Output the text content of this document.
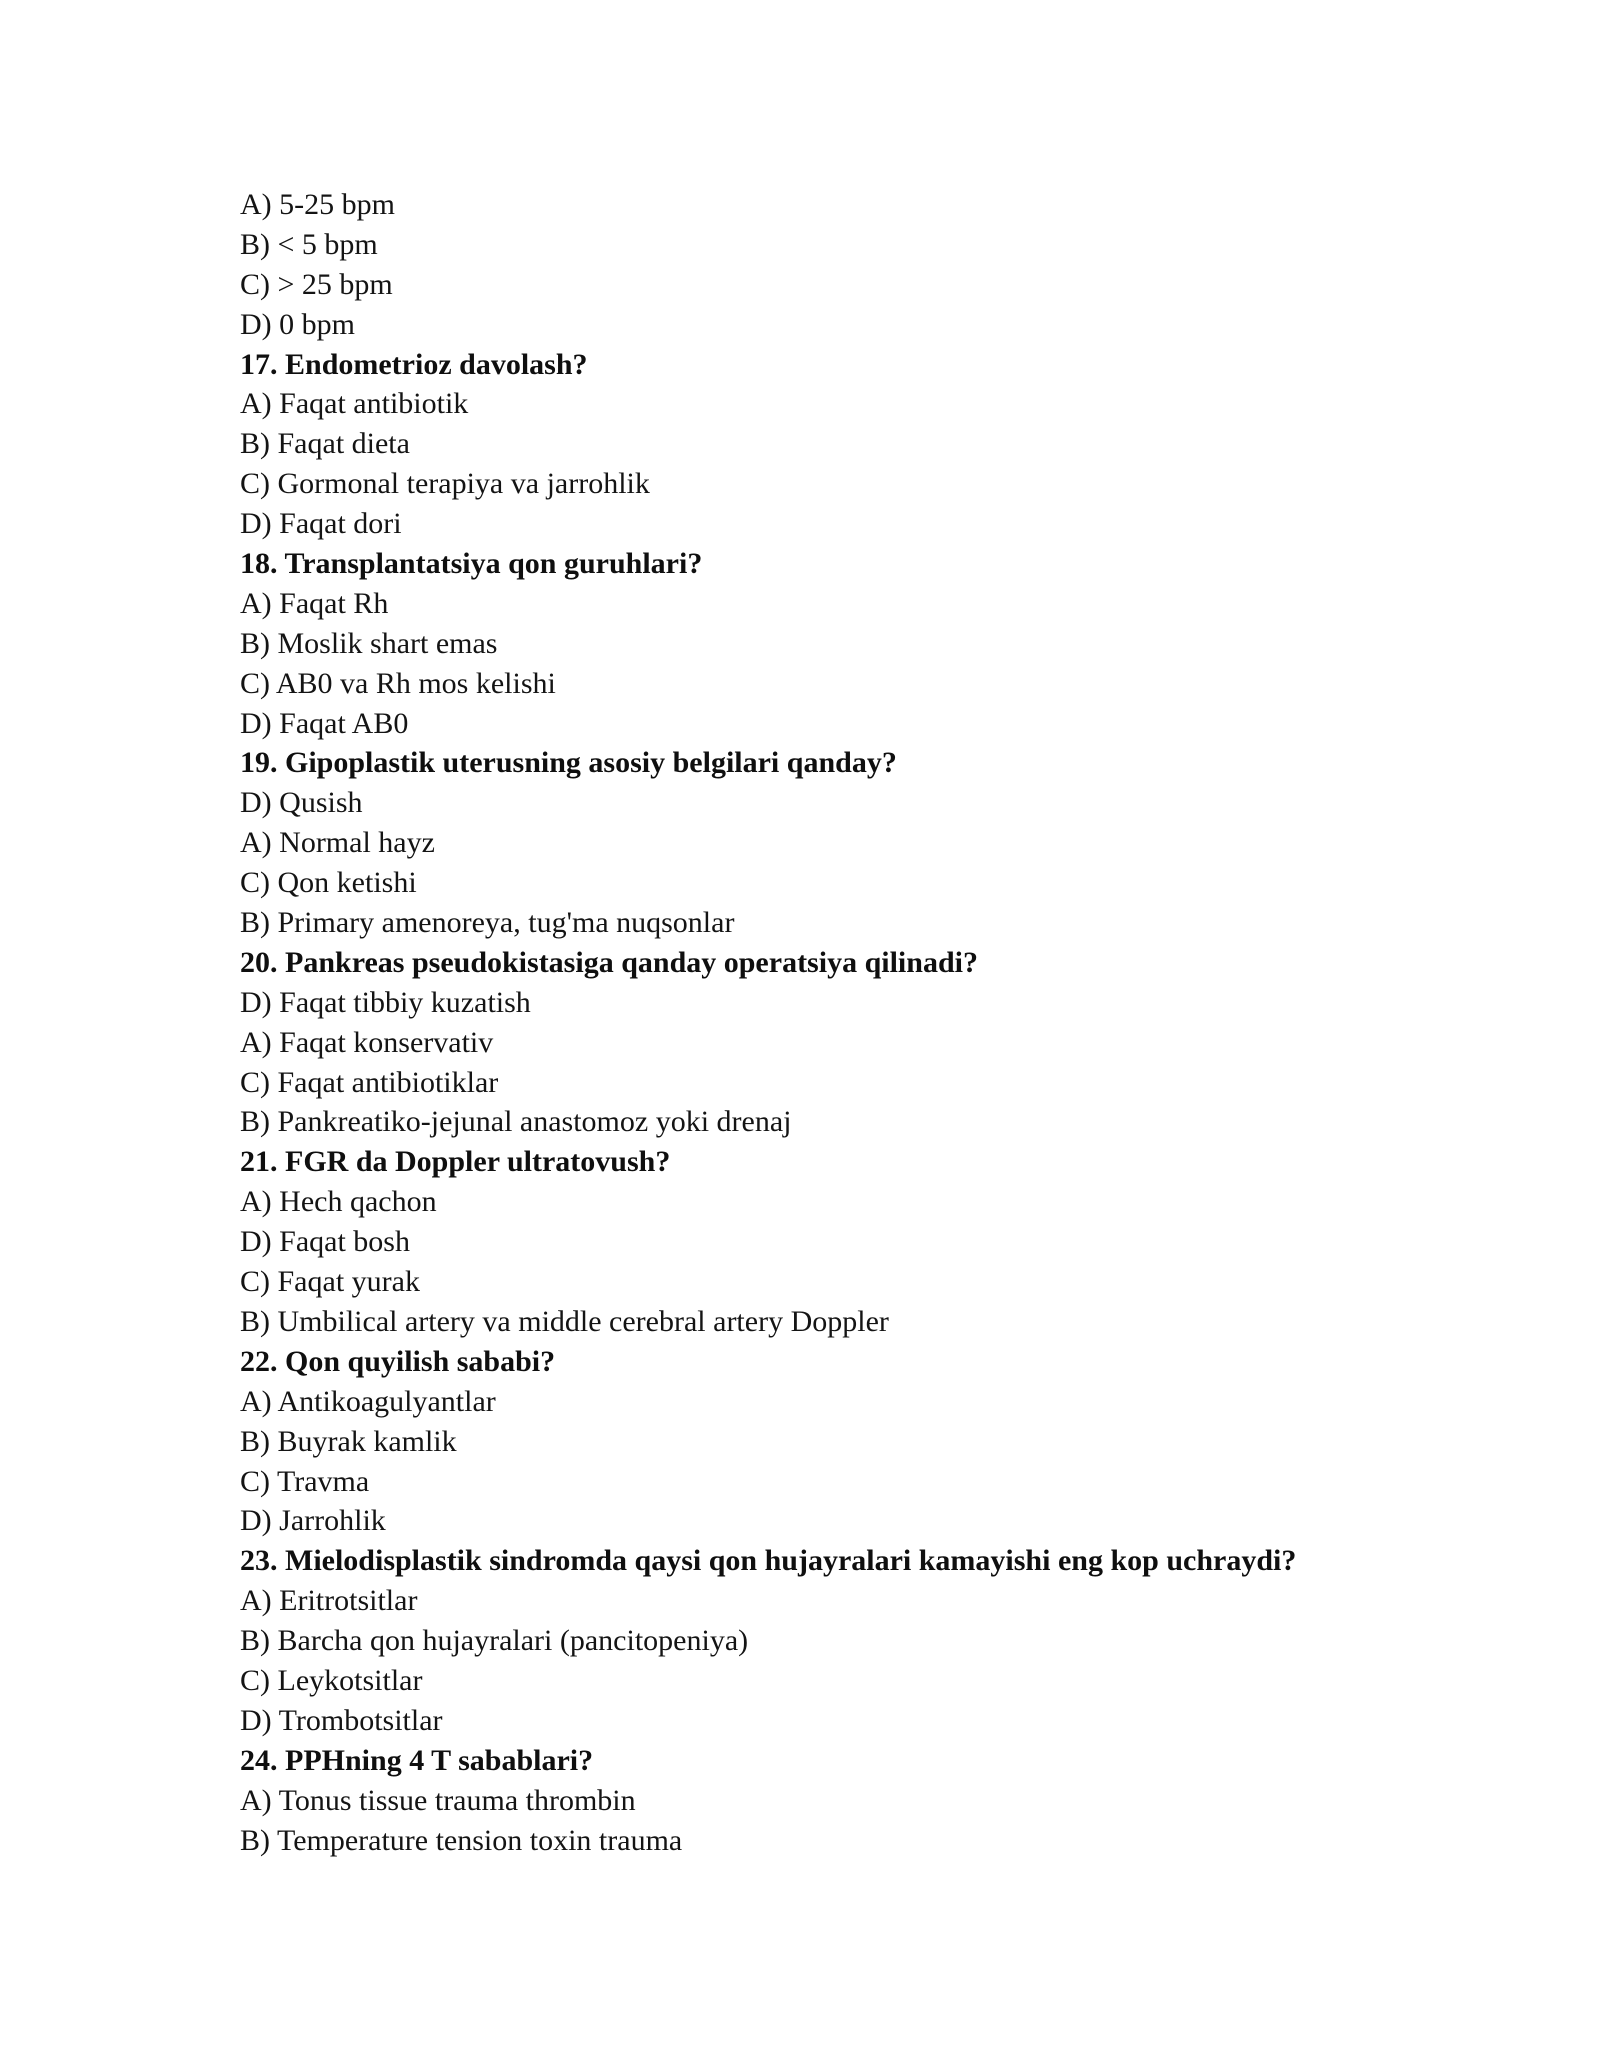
A) 5-25 bpm
B) < 5 bpm
C) > 25 bpm
D) 0 bpm
17. Endometrioz davolash?
A) Faqat antibiotik
B) Faqat dieta
C) Gormonal terapiya va jarrohlik
D) Faqat dori
18. Transplantatsiya qon guruhlari?
A) Faqat Rh
B) Moslik shart emas
C) AB0 va Rh mos kelishi
D) Faqat AB0
19. Gipoplastik uterusning asosiy belgilari qanday?
D) Qusish
A) Normal hayz
C) Qon ketishi
B) Primary amenoreya, tug'ma nuqsonlar
20. Pankreas pseudokistasiga qanday operatsiya qilinadi?
D) Faqat tibbiy kuzatish
A) Faqat konservativ
C) Faqat antibiotiklar
B) Pankreatiko-jejunal anastomoz yoki drenaj
21. FGR da Doppler ultratovush?
A) Hech qachon
D) Faqat bosh
C) Faqat yurak
B) Umbilical artery va middle cerebral artery Doppler
22. Qon quyilish sababi?
A) Antikoagulyantlar
B) Buyrak kamlik
C) Travma
D) Jarrohlik
23. Mielodisplastik sindromda qaysi qon hujayralari kamayishi eng kop uchraydi?
A) Eritrotsitlar
B) Barcha qon hujayralari (pancitopeniya)
C) Leykotsitlar
D) Trombotsitlar
24. PPHning 4 T sabablari?
A) Tonus tissue trauma thrombin
B) Temperature tension toxin trauma
